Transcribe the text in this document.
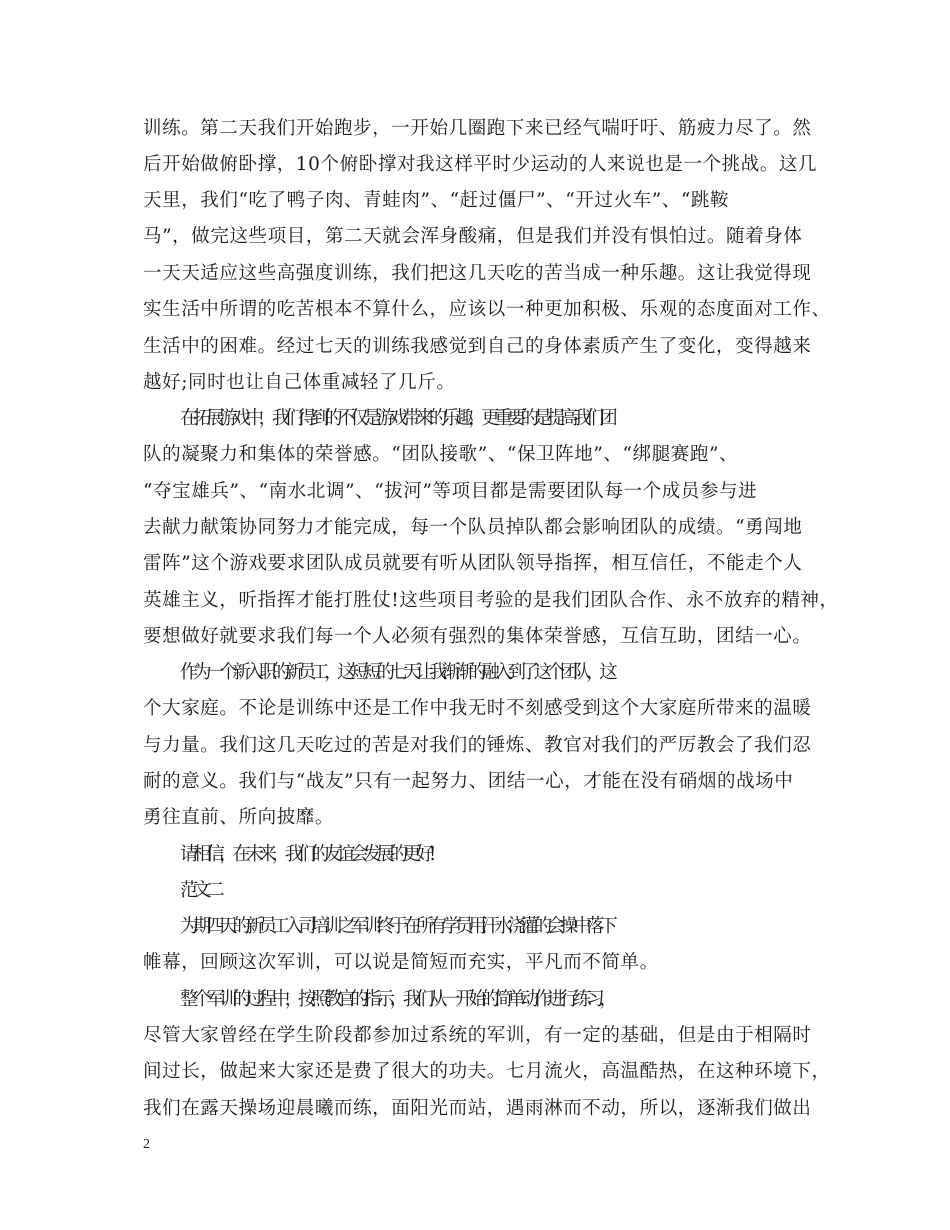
训练。第二天我们开始跑步，一开始几圈跑下来已经气喘吁吁、筋疲力尽了。然
后开始做俯卧撑，10个俯卧撑对我这样平时少运动的人来说也是一个挑战。这几
天里，我们“吃了鸭子肉、青蛙肉”、“赶过僵尸”、“开过火车”、“跳鞍
马”，做完这些项目，第二天就会浑身酸痛，但是我们并没有惧怕过。随着身体
一天天适应这些高强度训练，我们把这几天吃的苦当成一种乐趣。这让我觉得现
实生活中所谓的吃苦根本不算什么，应该以一种更加积极、乐观的态度面对工作、
生活中的困难。经过七天的训练我感觉到自己的身体素质产生了变化，变得越来
越好;同时也让自己体重减轻了几斤。
在拓展游戏中，我们得到的不仅是游戏带来的乐趣，更重要的是提高我们团
队的凝聚力和集体的荣誉感。“团队接歌”、“保卫阵地”、“绑腿赛跑”、
“夺宝雄兵”、“南水北调”、“拔河”等项目都是需要团队每一个成员参与进
去献力献策协同努力才能完成，每一个队员掉队都会影响团队的成绩。“勇闯地
雷阵”这个游戏要求团队成员就要有听从团队领导指挥，相互信任，不能走个人
英雄主义，听指挥才能打胜仗!这些项目考验的是我们团队合作、永不放弃的精神，
要想做好就要求我们每一个人必须有强烈的集体荣誉感，互信互助，团结一心。
作为一个新入职的新员工，这短短的七天让我渐渐的融入到了这个团队，这
个大家庭。不论是训练中还是工作中我无时不刻感受到这个大家庭所带来的温暖
与力量。我们这几天吃过的苦是对我们的锤炼、教官对我们的严厉教会了我们忍
耐的意义。我们与“战友”只有一起努力、团结一心，才能在没有硝烟的战场中
勇往直前、所向披靡。
请相信，在未来，我们的友谊会发展的更好!
范文二
为期四天的新员工入司培训之军训终于在所有学员用汗水浇灌的会操中落下
帷幕，回顾这次军训，可以说是简短而充实，平凡而不简单。
整个军训的过程中，按照教官的指示，我们从一开始的简单动作进行练习，
尽管大家曾经在学生阶段都参加过系统的军训，有一定的基础，但是由于相隔时
间过长，做起来大家还是费了很大的功夫。七月流火，高温酷热，在这种环境下，
我们在露天操场迎晨曦而练，面阳光而站，遇雨淋而不动，所以，逐渐我们做出
2
